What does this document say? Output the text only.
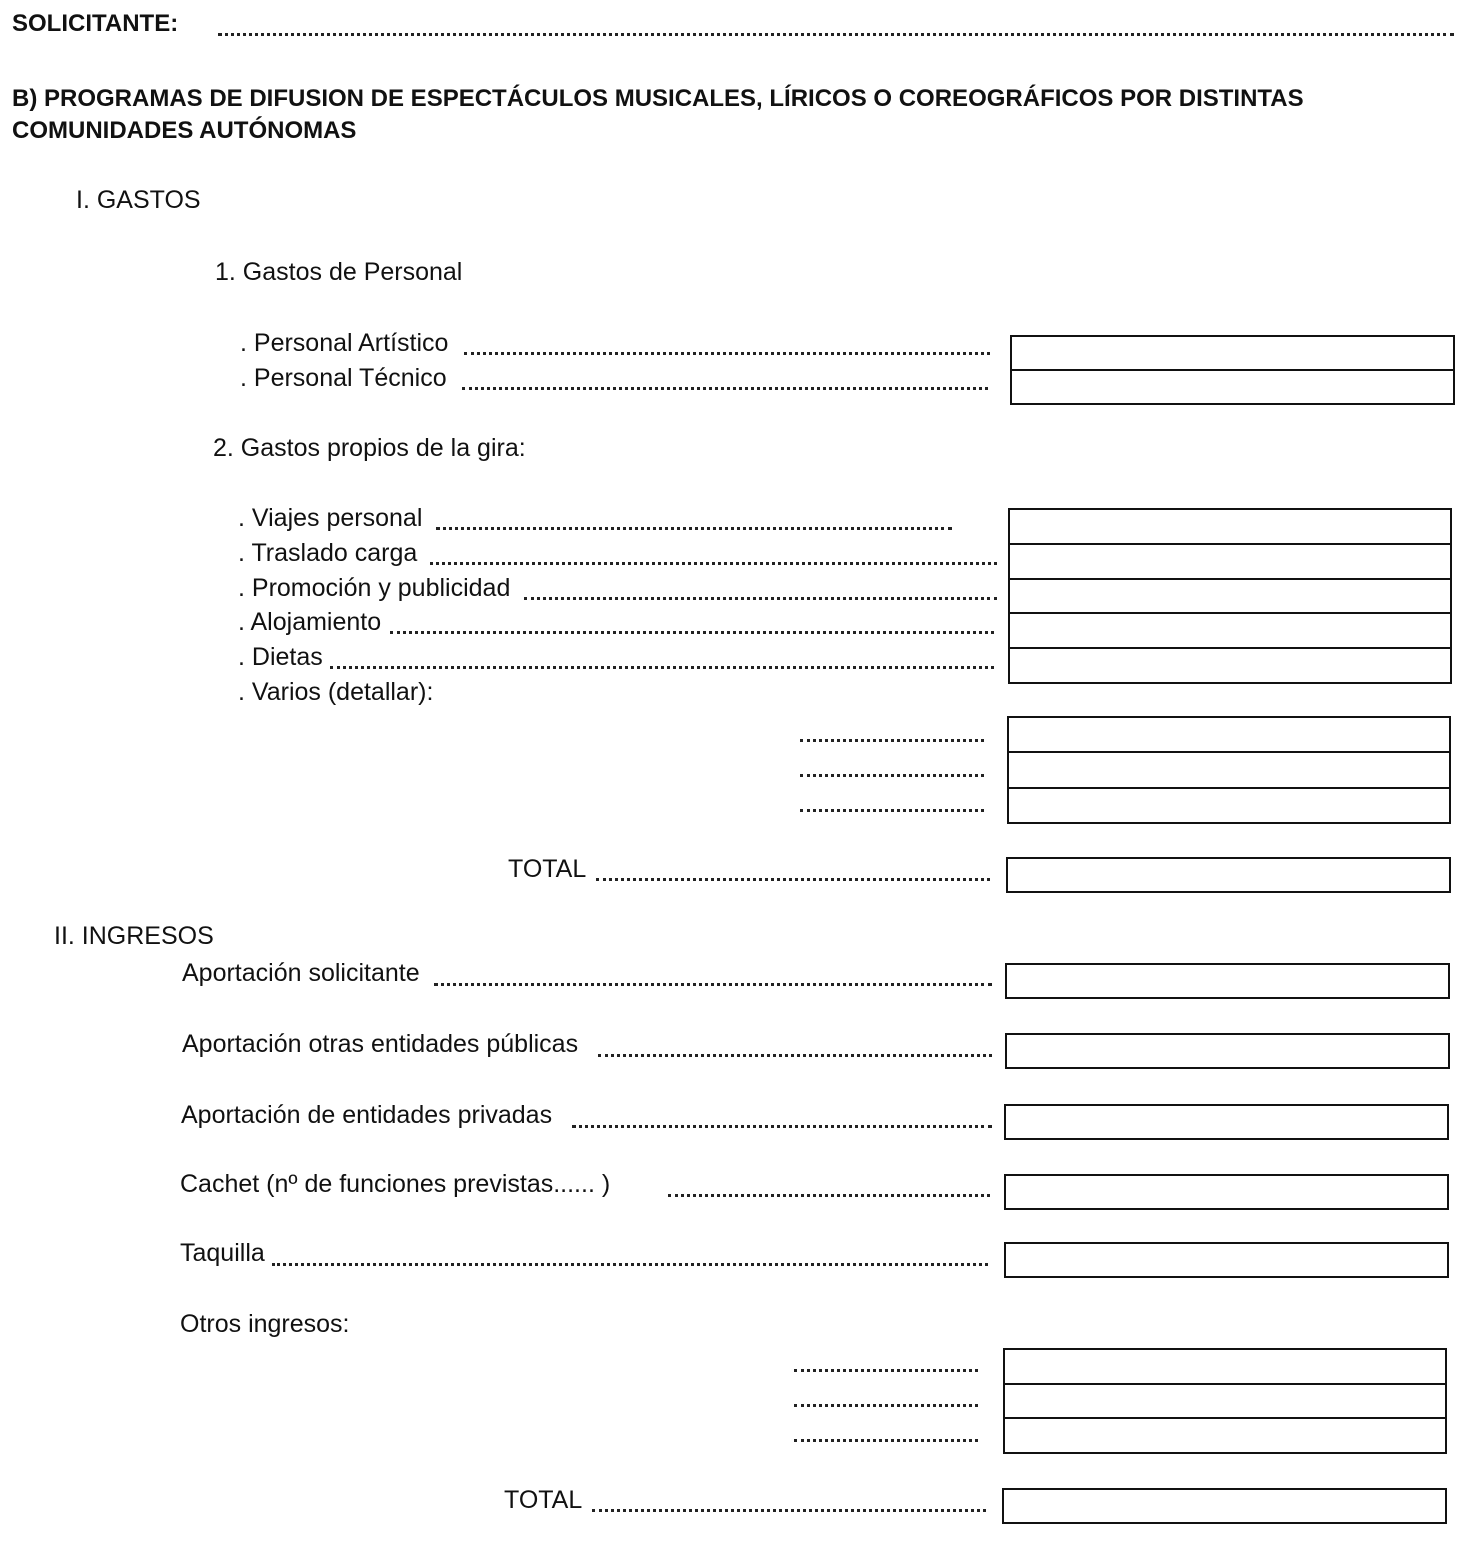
SOLICITANTE:
B) PROGRAMAS DE DIFUSION DE ESPECTÁCULOS MUSICALES, LÍRICOS O COREOGRÁFICOS POR DISTINTAS
COMUNIDADES AUTÓNOMAS
I. GASTOS
1. Gastos de Personal
. Personal Artístico
. Personal Técnico
2. Gastos propios de la gira:
. Viajes personal
. Traslado carga
. Promoción y publicidad
. Alojamiento
. Dietas
. Varios (detallar):
TOTAL
II. INGRESOS
Aportación solicitante
Aportación otras entidades públicas
Aportación de entidades privadas
Cachet (nº de funciones previstas...... )
Taquilla
Otros ingresos:
TOTAL
